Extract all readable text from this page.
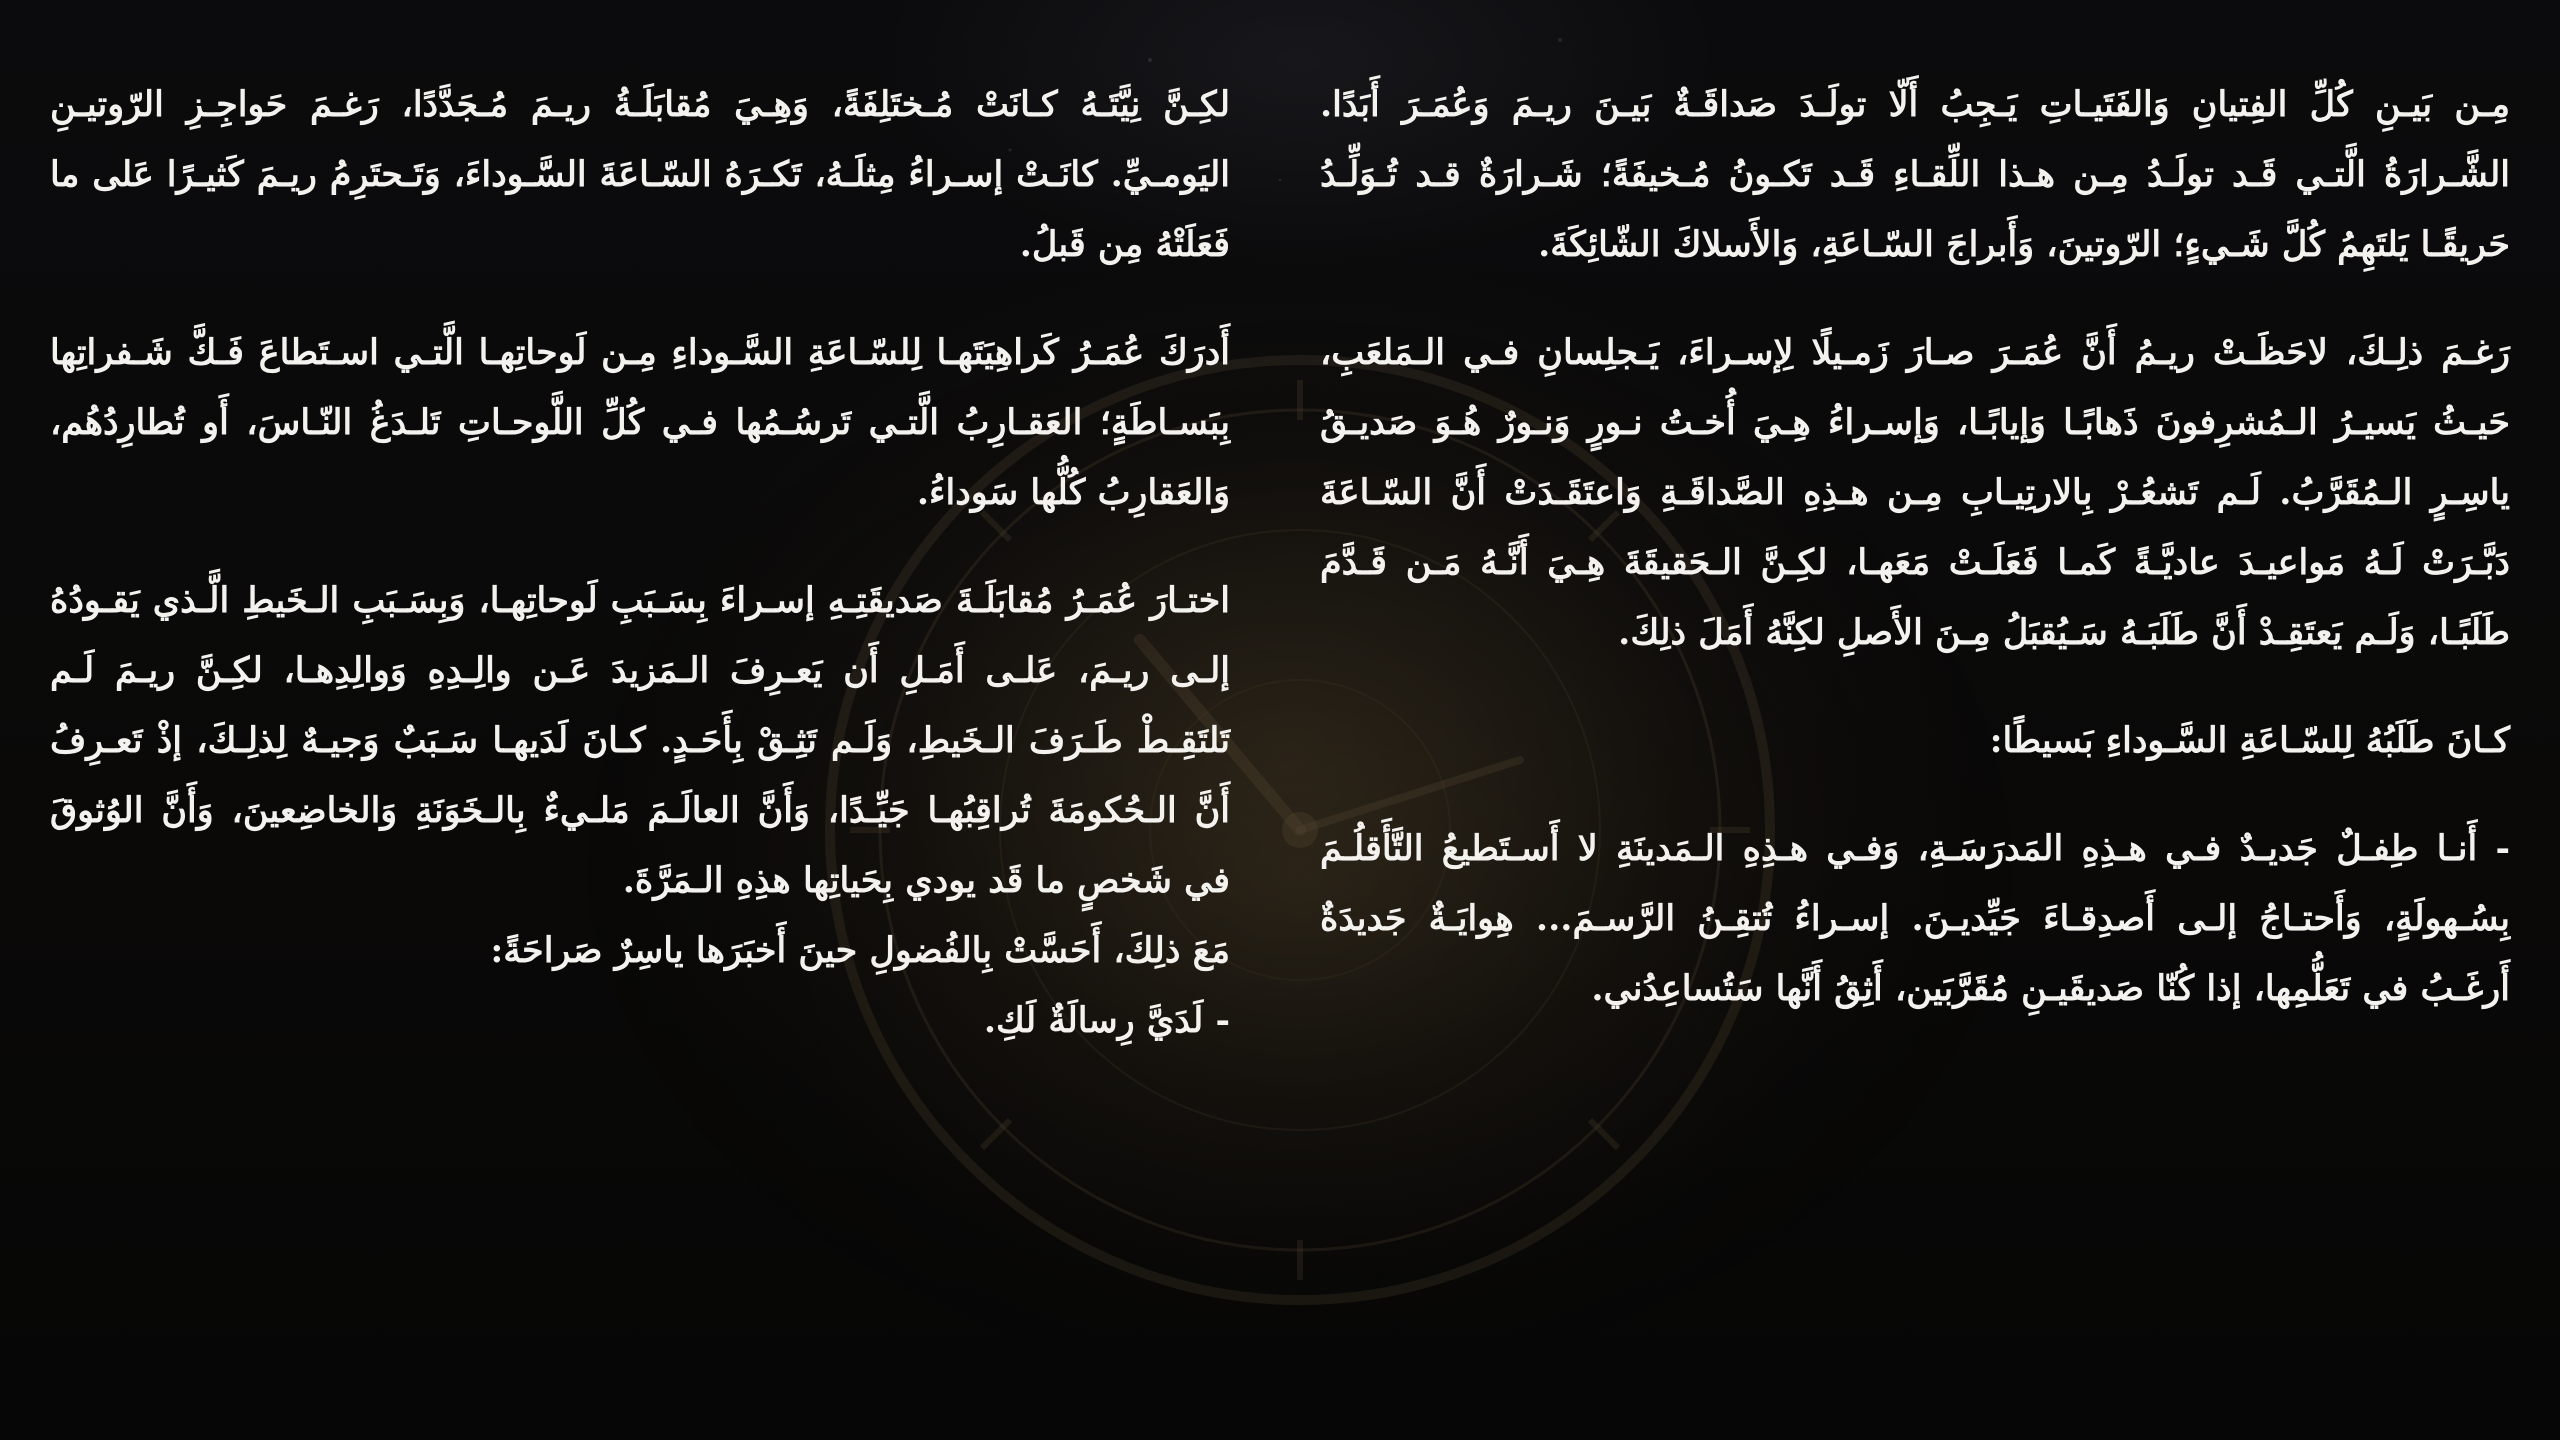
مِـن بَيـنِ كُلِّ الفِتيانِ وَالفَتَيـاتِ يَـجِبُ أَلّا تولَـدَ صَداقَـةٌ بَيـنَ ريـمَ وَعُمَـرَ أَبَدًا. الشَّـرارَةُ الَّتـي قَـد تولَـدُ مِـن هـذا اللِّقـاءِ قَـد تَكـونُ مُـخيفَةً؛ شَـرارَةٌ قـد تُـوَلِّـدُ حَريقًـا يَلتَهِمُ كُلَّ شَـيءٍ؛ الرّوتينَ، وَأَبراجَ السّـاعَةِ، وَالأَسلاكَ الشّائِكَةَ.

رَغـمَ ذلِـكَ، لاحَظَـتْ ريـمُ أَنَّ عُمَـرَ صـارَ زَمـيلًا لِإسـراءَ، يَـجلِسانِ فـي الـمَلعَبِ، حَيـثُ يَسيـرُ الـمُشرِفونَ ذَهابًـا وَإيابًـا، وَإسـراءُ هِـيَ أُخـتُ نـورٍ وَنـورٌ هُـوَ صَديـقُ ياسِـرٍ الـمُقَرَّبُ. لَـم تَشعُـرْ بِالارتِيـابِ مِـن هـذِهِ الصَّداقَـةِ وَاعتَقَـدَتْ أَنَّ السّـاعَةَ دَبَّـرَتْ لَـهُ مَواعيـدَ عاديَّـةً كَمـا فَعَلَـتْ مَعَهـا، لكِـنَّ الـحَقيقَةَ هِـيَ أَنَّـهُ مَـن قَـدَّمَ طَلَبًـا، وَلَـم يَعتَقِـدْ أَنَّ طَلَبَـهُ سَـيُقبَلُ مِـنَ الأَصلِ لكِنَّهُ أَمَلَ ذلِكَ.

كـانَ طَلَبُهُ لِلسّـاعَةِ السَّـوداءِ بَسيطًا:

- أَنـا طِفـلٌ جَديـدٌ فـي هـذِهِ المَدرَسَـةِ، وَفـي هـذِهِ الـمَدينَةِ لا أَسـتَطيعُ التَّأَقلُـمَ بِسُـهولَةٍ، وَأَحتـاجُ إلـى أَصدِقـاءَ جَيِّديـنَ. إسـراءُ تُتقِـنُ الرَّسـمَ... هِوايَـةٌ جَديدَةٌ أَرغَـبُ في تَعَلُّمِها، إذا كُنّا صَديقَيـنِ مُقَرَّبَين، أَثِقُ أَنَّها سَتُساعِدُني.

لكِـنَّ نِيَّتَـهُ كـانَتْ مُـختَلِفَةً، وَهِـيَ مُقابَلَـةُ ريـمَ مُـجَدَّدًا، رَغـمَ حَواجِـزِ الرّوتيـنِ اليَومـيِّ. كانَـتْ إسـراءُ مِثلَـهُ، تَكـرَهُ السّـاعَةَ السَّـوداءَ، وَتَـحتَرِمُ ريـمَ كَثيـرًا عَلى ما فَعَلَتْهُ مِن قَبلُ.

أَدرَكَ عُمَـرُ كَراهِيَتَهـا لِلسّـاعَةِ السَّـوداءِ مِـن لَوحاتِهـا الَّتـي اسـتَطاعَ فَـكَّ شَـفراتِها بِبَسـاطَةٍ؛ العَقـارِبُ الَّتـي تَرسُـمُها فـي كُلِّ اللَّوحـاتِ تَلـدَغُ النّـاسَ، أَو تُطارِدُهُم، وَالعَقارِبُ كُلُّها سَوداءُ.

اختـارَ عُمَـرُ مُقابَلَـةَ صَديقَتِـهِ إسـراءَ بِسَـبَبِ لَوحاتِهـا، وَبِسَـبَبِ الـخَيطِ الَّـذي يَقـودُهُ إلـى ريـمَ، عَلـى أَمَـلِ أَن يَعـرِفَ الـمَزيدَ عَـن والِـدِهِ وَوالِدِهـا، لكِـنَّ ريـمَ لَـم تَلتَقِـطْ طَـرَفَ الـخَيطِ، وَلَـم تَثِـقْ بِأَحَـدٍ. كـانَ لَدَيهـا سَـبَبٌ وَجيـهٌ لِذلِـكَ، إذْ تَعـرِفُ أَنَّ الـحُكومَةَ تُراقِبُهـا جَيِّـدًا، وَأَنَّ العالَـمَ مَلـيءٌ بِالـخَوَنَةِ وَالخاضِعينَ، وَأَنَّ الوُثوقَ في شَخصٍ ما قَد يودي بِحَياتِها هذِهِ الـمَرَّةَ.

مَعَ ذلِكَ، أَحَسَّتْ بِالفُضولِ حينَ أَخبَرَها ياسِرٌ صَراحَةً:

- لَدَيَّ رِسالَةٌ لَكِ.
